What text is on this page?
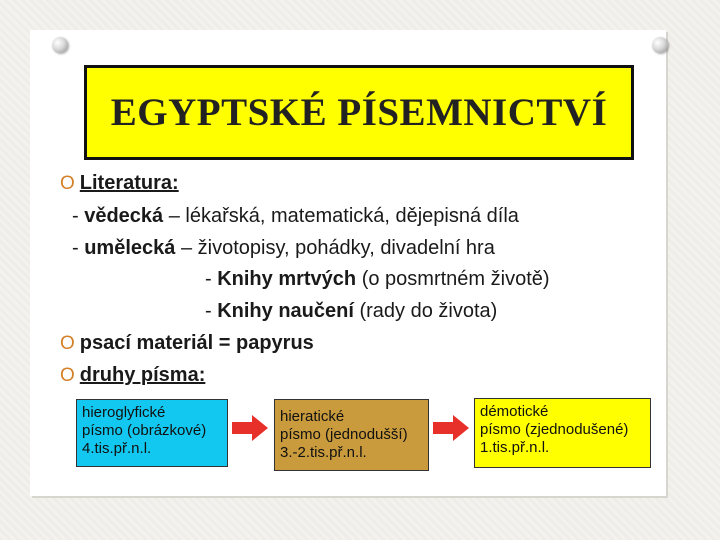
EGYPTSKÉ PÍSEMNICTVÍ
O Literatura:
- vědecká – lékařská, matematická, dějepisná díla
- umělecká – životopisy, pohádky, divadelní hra
- Knihy mrtvých (o posmrtném životě)
- Knihy naučení (rady do života)
O psací materiál = papyrus
O druhy písma:
hieroglyfické
písmo (obrázkové)
4.tis.př.n.l.
hieratické
písmo (jednodušší)
3.-2.tis.př.n.l.
démotické
písmo (zjednodušené)
1.tis.př.n.l.
